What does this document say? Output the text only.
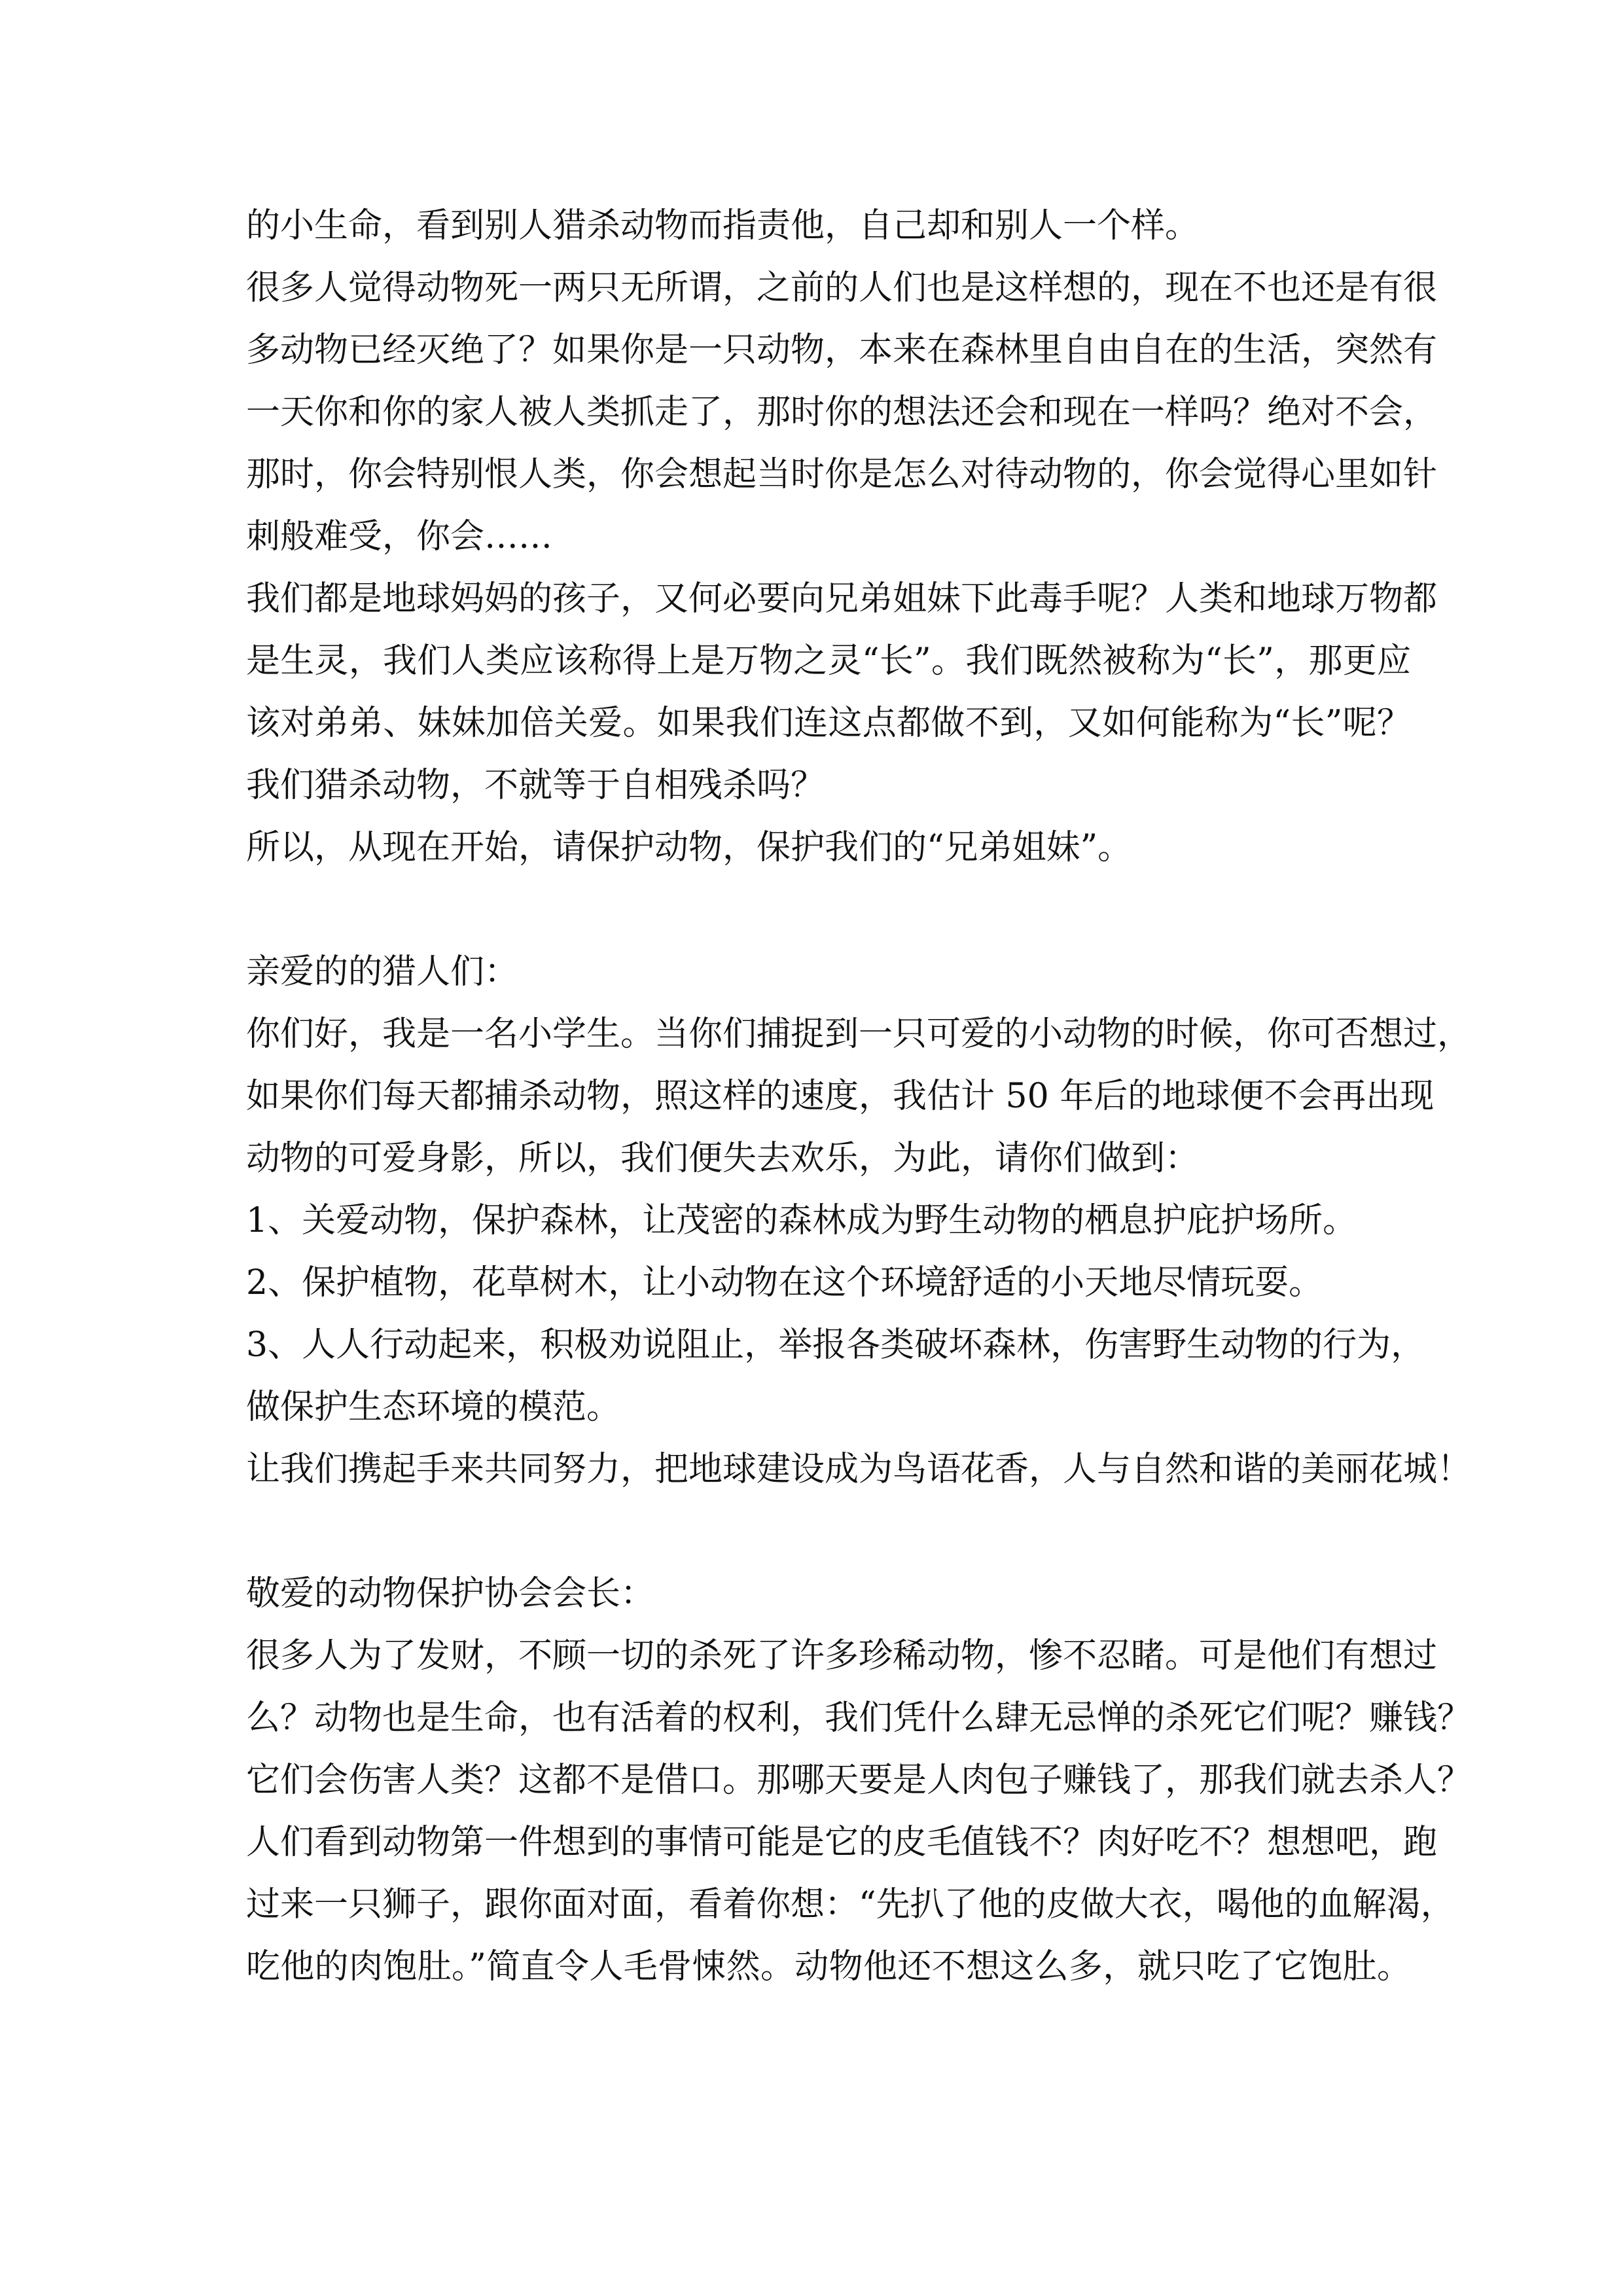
的小生命，看到别人猎杀动物而指责他，自己却和别人一个样。
很多人觉得动物死一两只无所谓，之前的人们也是这样想的，现在不也还是有很
多动物已经灭绝了？如果你是一只动物，本来在森林里自由自在的生活，突然有
一天你和你的家人被人类抓走了，那时你的想法还会和现在一样吗？绝对不会，
那时，你会特别恨人类，你会想起当时你是怎么对待动物的，你会觉得心里如针
刺般难受，你会……
我们都是地球妈妈的孩子，又何必要向兄弟姐妹下此毒手呢？人类和地球万物都
是生灵，我们人类应该称得上是万物之灵“长”。我们既然被称为“长”，那更应
该对弟弟、妹妹加倍关爱。如果我们连这点都做不到，又如何能称为“长”呢？
我们猎杀动物，不就等于自相残杀吗？
所以，从现在开始，请保护动物，保护我们的“兄弟姐妹”。
亲爱的的猎人们：
你们好，我是一名小学生。当你们捕捉到一只可爱的小动物的时候，你可否想过，
如果你们每天都捕杀动物，照这样的速度，我估计 50 年后的地球便不会再出现
动物的可爱身影，所以，我们便失去欢乐，为此，请你们做到：
1、关爱动物，保护森林，让茂密的森林成为野生动物的栖息护庇护场所。
2、保护植物，花草树木，让小动物在这个环境舒适的小天地尽情玩耍。
3、人人行动起来，积极劝说阻止，举报各类破坏森林，伤害野生动物的行为，
做保护生态环境的模范。
让我们携起手来共同努力，把地球建设成为鸟语花香，人与自然和谐的美丽花城！
敬爱的动物保护协会会长：
很多人为了发财，不顾一切的杀死了许多珍稀动物，惨不忍睹。可是他们有想过
么？动物也是生命，也有活着的权利，我们凭什么肆无忌惮的杀死它们呢？赚钱？
它们会伤害人类？这都不是借口。那哪天要是人肉包子赚钱了，那我们就去杀人？
人们看到动物第一件想到的事情可能是它的皮毛值钱不？肉好吃不？想想吧，跑
过来一只狮子，跟你面对面，看着你想：“先扒了他的皮做大衣，喝他的血解渴，
吃他的肉饱肚。”简直令人毛骨悚然。动物他还不想这么多，就只吃了它饱肚。
